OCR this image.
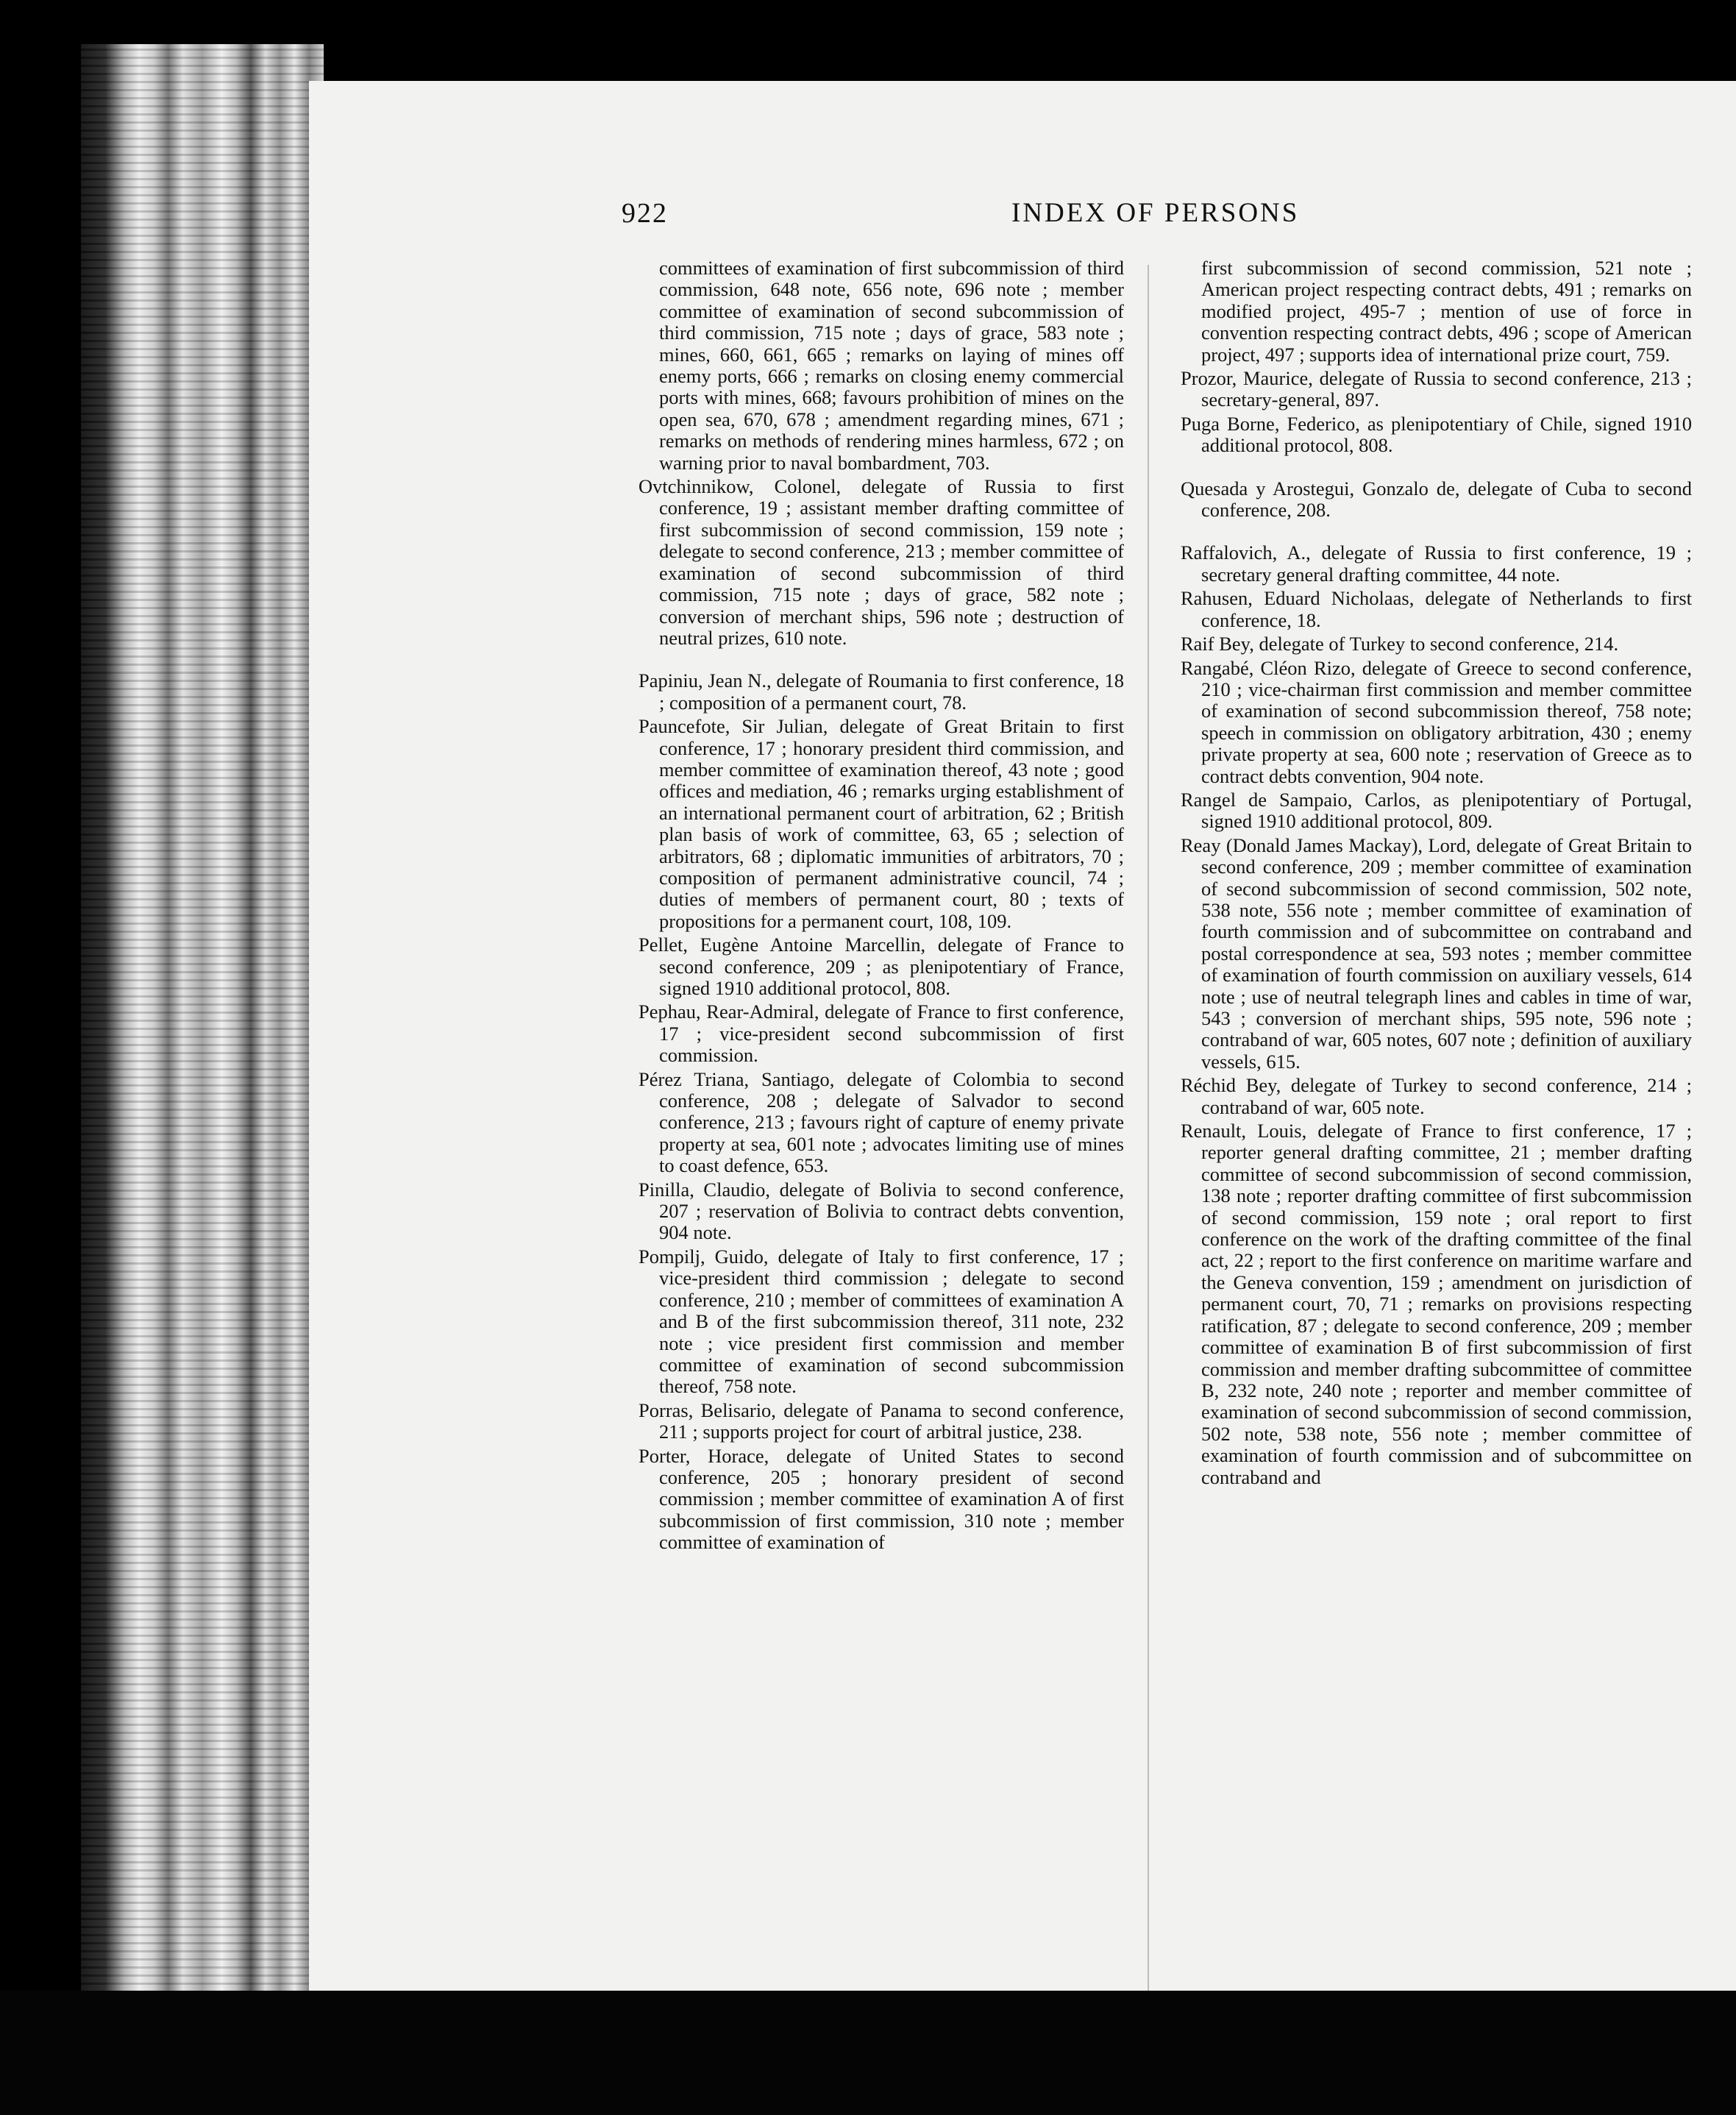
922	INDEX OF PERSONS

committees of examination of first subcommission of third commission, 648 note, 656 note, 696 note ; member committee of examination of second subcommission of third commission, 715 note ; days of grace, 583 note ; mines, 660, 661, 665 ; remarks on laying of mines off enemy ports, 666 ; remarks on closing enemy commercial ports with mines, 668; favours prohibition of mines on the open sea, 670, 678 ; amendment regarding mines, 671 ; remarks on methods of rendering mines harmless, 672 ; on warning prior to naval bombardment, 703.

Ovtchinnikow, Colonel, delegate of Russia to first conference, 19 ; assistant member drafting committee of first subcommission of second commission, 159 note ; delegate to second conference, 213 ; member committee of examination of second subcommission of third commission, 715 note ; days of grace, 582 note ; conversion of merchant ships, 596 note ; destruction of neutral prizes, 610 note.

Papiniu, Jean N., delegate of Roumania to first conference, 18 ; composition of a permanent court, 78.

Pauncefote, Sir Julian, delegate of Great Britain to first conference, 17 ; honorary president third commission, and member committee of examination thereof, 43 note ; good offices and mediation, 46 ; remarks urging establishment of an international permanent court of arbitration, 62 ; British plan basis of work of committee, 63, 65 ; selection of arbitrators, 68 ; diplomatic immunities of arbitrators, 70 ; composition of permanent administrative council, 74 ; duties of members of permanent court, 80 ; texts of propositions for a permanent court, 108, 109.

Pellet, Eugène Antoine Marcellin, delegate of France to second conference, 209 ; as plenipotentiary of France, signed 1910 additional protocol, 808.

Pephau, Rear-Admiral, delegate of France to first conference, 17 ; vice-president second subcommission of first commission.

Pérez Triana, Santiago, delegate of Colombia to second conference, 208 ; delegate of Salvador to second conference, 213 ; favours right of capture of enemy private property at sea, 601 note ; advocates limiting use of mines to coast defence, 653.

Pinilla, Claudio, delegate of Bolivia to second conference, 207 ; reservation of Bolivia to contract debts convention, 904 note.

Pompilj, Guido, delegate of Italy to first conference, 17 ; vice-president third commission ; delegate to second conference, 210 ; member of committees of examination A and B of the first subcommission thereof, 311 note, 232 note ; vice president first commission and member committee of examination of second subcommission thereof, 758 note.

Porras, Belisario, delegate of Panama to second conference, 211 ; supports project for court of arbitral justice, 238.

Porter, Horace, delegate of United States to second conference, 205 ; honorary president of second commission ; member committee of examination A of first subcommission of first commission, 310 note ; member committee of examination of

first subcommission of second commission, 521 note ; American project respecting contract debts, 491 ; remarks on modified project, 495-7 ; mention of use of force in convention respecting contract debts, 496 ; scope of American project, 497 ; supports idea of international prize court, 759.

Prozor, Maurice, delegate of Russia to second conference, 213 ; secretary-general, 897.

Puga Borne, Federico, as plenipotentiary of Chile, signed 1910 additional protocol, 808.

Quesada y Arostegui, Gonzalo de, delegate of Cuba to second conference, 208.

Raffalovich, A., delegate of Russia to first conference, 19 ; secretary general drafting committee, 44 note.

Rahusen, Eduard Nicholaas, delegate of Netherlands to first conference, 18.

Raif Bey, delegate of Turkey to second conference, 214.

Rangabé, Cléon Rizo, delegate of Greece to second conference, 210 ; vice-chairman first commission and member committee of examination of second subcommission thereof, 758 note; speech in commission on obligatory arbitration, 430 ; enemy private property at sea, 600 note ; reservation of Greece as to contract debts convention, 904 note.

Rangel de Sampaio, Carlos, as plenipotentiary of Portugal, signed 1910 additional protocol, 809.

Reay (Donald James Mackay), Lord, delegate of Great Britain to second conference, 209 ; member committee of examination of second subcommission of second commission, 502 note, 538 note, 556 note ; member committee of examination of fourth commission and of subcommittee on contraband and postal correspondence at sea, 593 notes ; member committee of examination of fourth commission on auxiliary vessels, 614 note ; use of neutral telegraph lines and cables in time of war, 543 ; conversion of merchant ships, 595 note, 596 note ; contraband of war, 605 notes, 607 note ; definition of auxiliary vessels, 615.

Réchid Bey, delegate of Turkey to second conference, 214 ; contraband of war, 605 note.

Renault, Louis, delegate of France to first conference, 17 ; reporter general drafting committee, 21 ; member drafting committee of second subcommission of second commission, 138 note ; reporter drafting committee of first subcommission of second commission, 159 note ; oral report to first conference on the work of the drafting committee of the final act, 22 ; report to the first conference on maritime warfare and the Geneva convention, 159 ; amendment on jurisdiction of permanent court, 70, 71 ; remarks on provisions respecting ratification, 87 ; delegate to second conference, 209 ; member committee of examination B of first subcommission of first commission and member drafting subcommittee of committee B, 232 note, 240 note ; reporter and member committee of examination of second subcommission of second commission, 502 note, 538 note, 556 note ; member committee of examination of fourth commission and of subcommittee on contraband and
